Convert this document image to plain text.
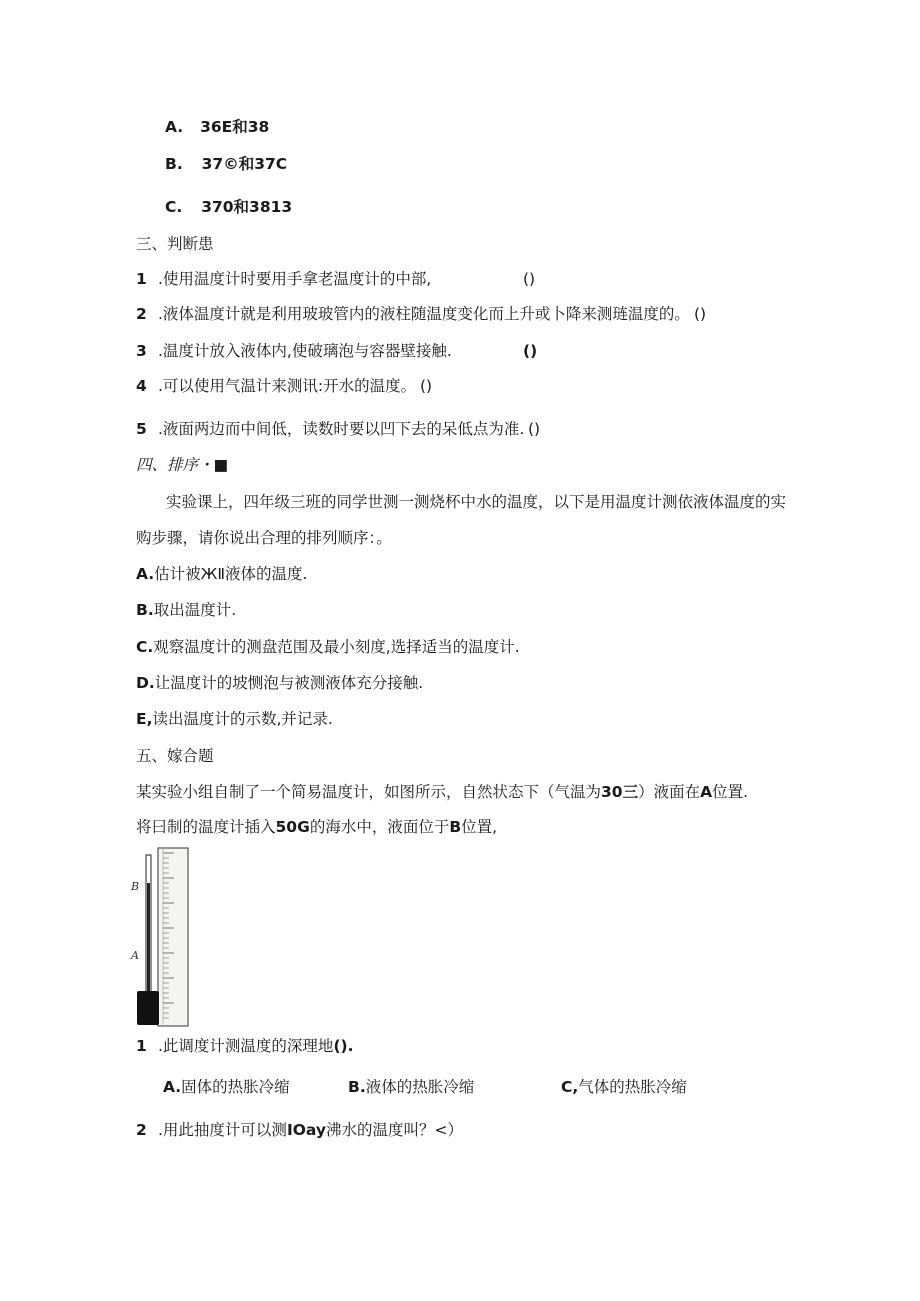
A. 36E和38
B. 37©和37C
C. 370和3813
三、判断患
1 .使用温度计时要用手拿老温度计的中部,	()
2 .液体温度计就是利用玻玻管内的液柱随温度变化而上升或卜降来测琏温度的。 ()
3 .温度计放入液体内,使破璃泡与容器壁接触.	()
4 .可以使用气温计来测讯:开水的温度。 ()
5 .液面两边而中间低，读数时要以凹下去的呆低点为准. ()
四、排序・■
实验课上，四年级三班的同学世测一测烧杯中水的温度，以下是用温度计测依液体温度的实
购步骤，请你说出合理的排列顺序：。
A.估计被ЖⅡ液体的温度.
B.取出温度计.
C.观察温度计的测盘范围及最小刻度,选择适当的温度计.
D.让温度计的坡恻泡与被测液体充分接触.
E,读出温度计的示数,并记录.
五、嫁合题
某实验小组自制了一个简易温度计，如图所示，自然状态下（气温为30三）液面在A位置.
将曰制的温度计插入50G的海水中，液面位于B位置,
B
A
1 .此调度计测温度的深理地().
A.固体的热胀冷缩	B.液体的热胀冷缩	C,气体的热胀冷缩
2 .用此抽度计可以测IOay沸水的温度叫？<）
